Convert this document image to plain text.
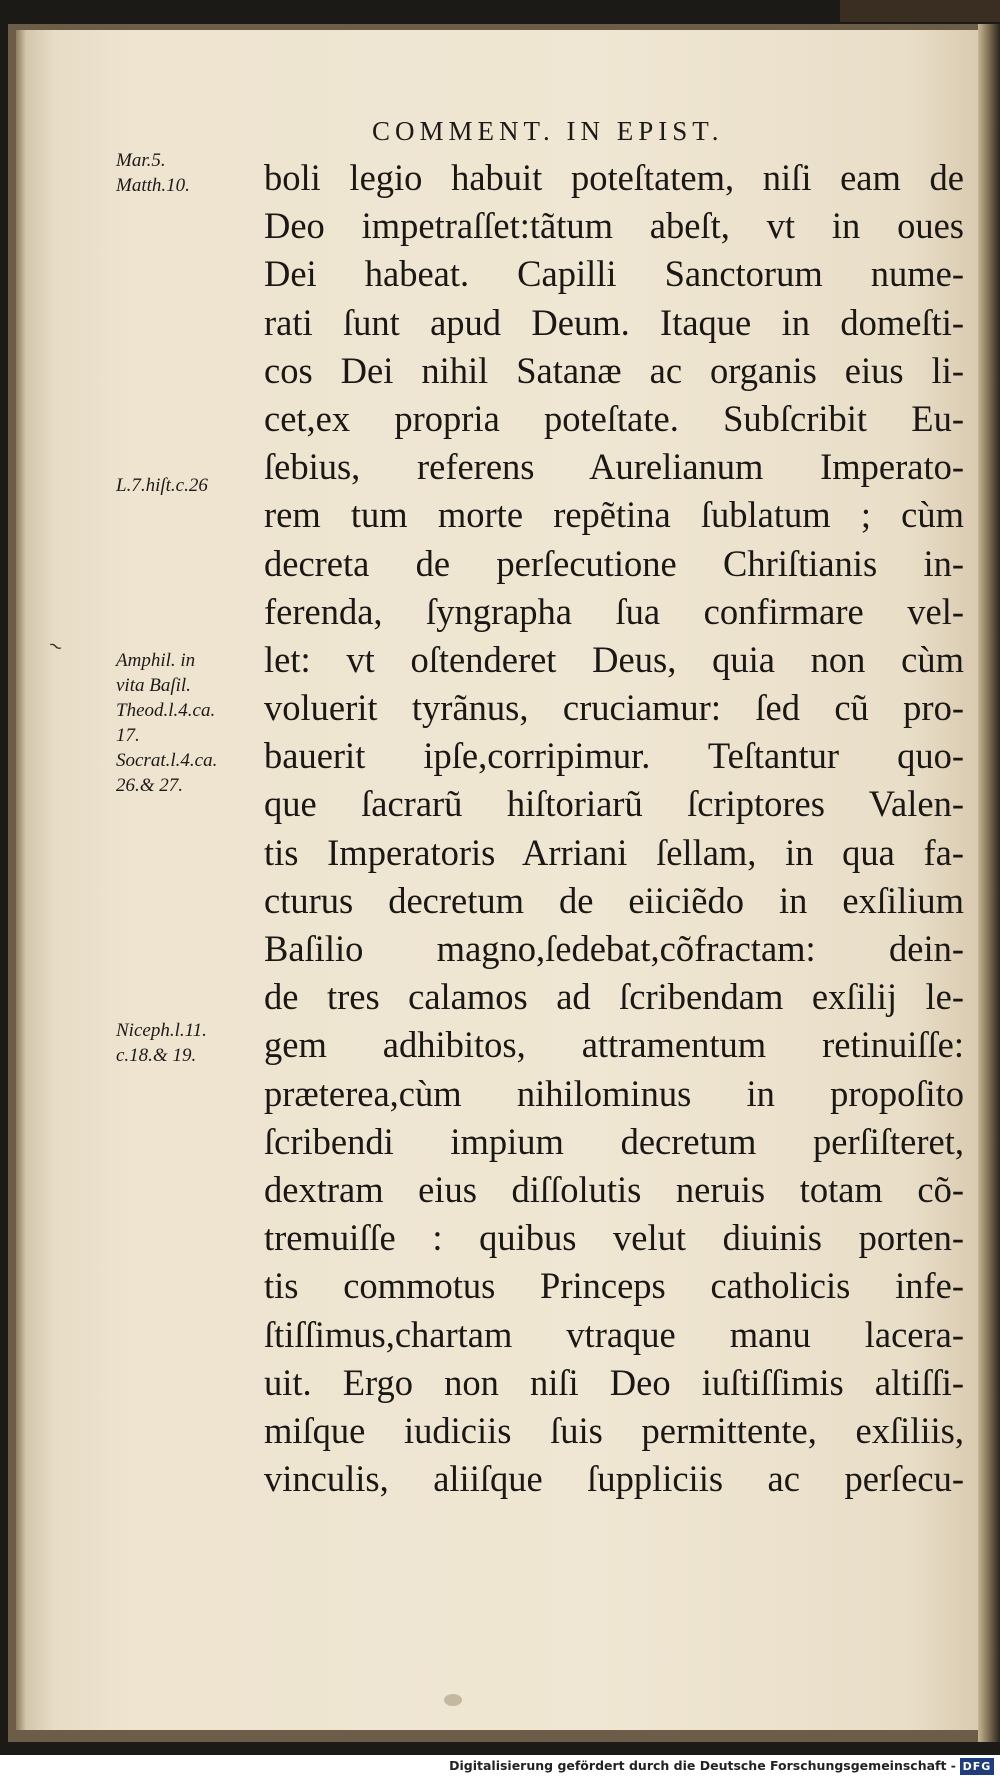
COMMENT. IN EPIST.
boli legio habuit poteſtatem, niſi eam de
Deo impetraſſet:tãtum abeſt, vt in oues
Dei habeat. Capilli Sanctorum nume-
rati ſunt apud Deum. Itaque in domeſti-
cos Dei nihil Satanæ ac organis eius li-
cet,ex propria poteſtate. Subſcribit Eu-
ſebius, referens Aurelianum Imperato-
rem tum morte repẽtina ſublatum ; cùm
decreta de perſecutione Chriſtianis in-
ferenda, ſyngrapha ſua confirmare vel-
let: vt oſtenderet Deus, quia non cùm
voluerit tyrãnus, cruciamur: ſed cũ pro-
bauerit ipſe,corripimur. Teſtantur quo-
que ſacrarũ hiſtoriarũ ſcriptores Valen-
tis Imperatoris Arriani ſellam, in qua fa-
cturus decretum de eiiciẽdo in exſilium
Baſilio magno,ſedebat,cõfractam: dein-
de tres calamos ad ſcribendam exſilij le-
gem adhibitos, attramentum retinuiſſe:
præterea,cùm nihilominus in propoſito
ſcribendi impium decretum perſiſteret,
dextram eius diſſolutis neruis totam cõ-
tremuiſſe : quibus velut diuinis porten-
tis commotus Princeps catholicis infe-
ſtiſſimus,chartam vtraque manu lacera-
uit. Ergo non niſi Deo iuſtiſſimis altiſſi-
miſque iudiciis ſuis permittente, exſiliis,
vinculis, aliiſque ſuppliciis ac perſecu-
Mar.5.
Matth.10.
L.7.hiſt.c.26
Amphil. in
vita Baſil.
Theod.l.4.ca.
17.
Socrat.l.4.ca.
26.& 27.
Niceph.l.11.
c.18.& 19.
~
Digitalisierung gefördert durch die Deutsche Forschungsgemeinschaft - DFG
